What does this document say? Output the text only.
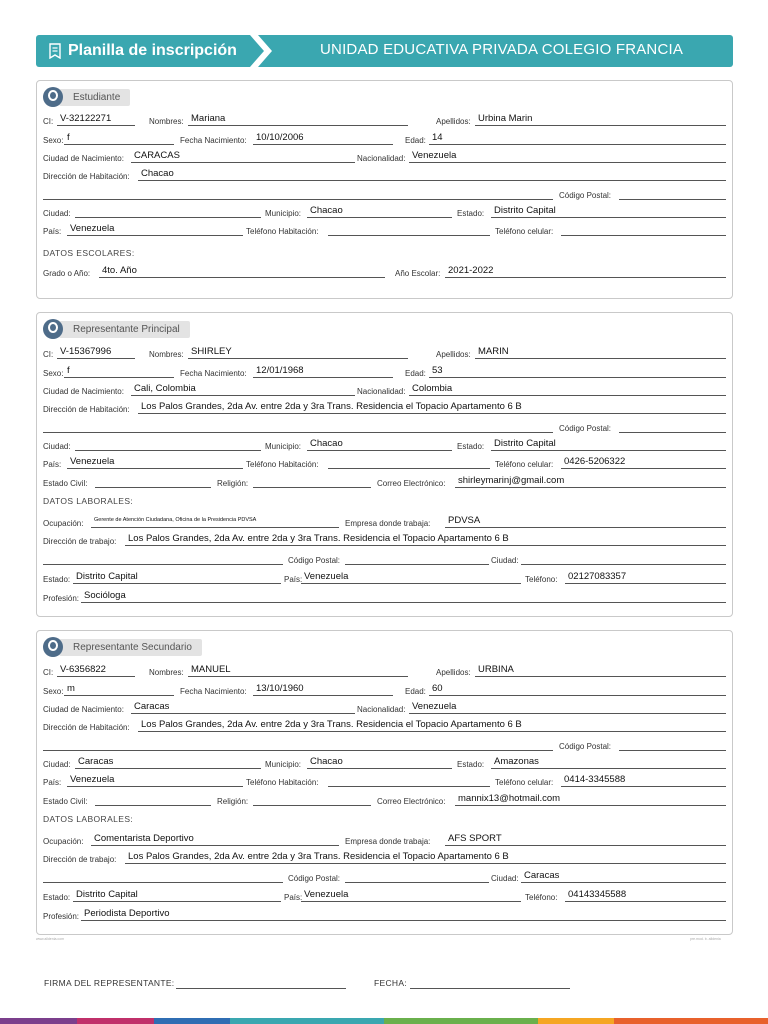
Planilla de inscripción	UNIDAD EDUCATIVA PRIVADA COLEGIO FRANCIA
Estudiante
CI: V-32122271	Nombres: Mariana	Apellidos: Urbina Marin
Sexo: f	Fecha Nacimiento: 10/10/2006	Edad: 14
Ciudad de Nacimiento:	CARACAS	Nacionalidad: Venezuela
Dirección de Habitación:	Chacao
Código Postal:
Ciudad:	Municipio: Chacao	Estado:	Distrito Capital
País: Venezuela	Teléfono Habitación:	Teléfono celular:
DATOS ESCOLARES:
Grado o Año:	4to. Año	Año Escolar: 2021-2022
Representante Principal
CI: V-15367996	Nombres: SHIRLEY	Apellidos: MARIN
Sexo: f	Fecha Nacimiento: 12/01/1968	Edad: 53
Ciudad de Nacimiento:	Cali, Colombia	Nacionalidad: Colombia
Dirección de Habitación:	Los Palos Grandes, 2da Av. entre 2da y 3ra Trans. Residencia el Topacio Apartamento 6 B
Código Postal:
Ciudad:	Municipio: Chacao	Estado:	Distrito Capital
País: Venezuela	Teléfono Habitación:	Teléfono celular:	0426-5206322
Estado Civil:	Religión:	Correo Electrónico:	shirleymarinj@gmail.com
DATOS LABORALES:
Ocupación:	Gerente de Atención Ciudadana, Oficina de la Presidencia PDVSA	Empresa donde trabaja:	PDVSA
Dirección de trabajo:	Los Palos Grandes, 2da Av. entre 2da y 3ra Trans. Residencia el Topacio Apartamento 6 B
Código Postal:	Ciudad:
Estado: Distrito Capital	País: Venezuela	Teléfono:	02127083357
Profesión: Socióloga
Representante Secundario
CI: V-6356822	Nombres: MANUEL	Apellidos: URBINA
Sexo: m	Fecha Nacimiento: 13/10/1960	Edad: 60
Ciudad de Nacimiento:	Caracas	Nacionalidad: Venezuela
Dirección de Habitación:	Los Palos Grandes, 2da Av. entre 2da y 3ra Trans. Residencia el Topacio Apartamento 6 B
Código Postal:
Ciudad: Caracas	Municipio: Chacao	Estado:	Amazonas
País: Venezuela	Teléfono Habitación:	Teléfono celular:	0414-3345588
Estado Civil:	Religión:	Correo Electrónico:	mannix13@hotmail.com
DATOS LABORALES:
Ocupación:	Comentarista Deportivo	Empresa donde trabaja:	AFS SPORT
Dirección de trabajo:	Los Palos Grandes, 2da Av. entre 2da y 3ra Trans. Residencia el Topacio Apartamento 6 B
Código Postal:	Ciudad: Caracas
Estado: Distrito Capital	País: Venezuela	Teléfono:	04143345588
Profesión: Periodista Deportivo
www.alldenia.com	pre.mod. b. alldenia
FIRMA DEL REPRESENTANTE:	FECHA:
